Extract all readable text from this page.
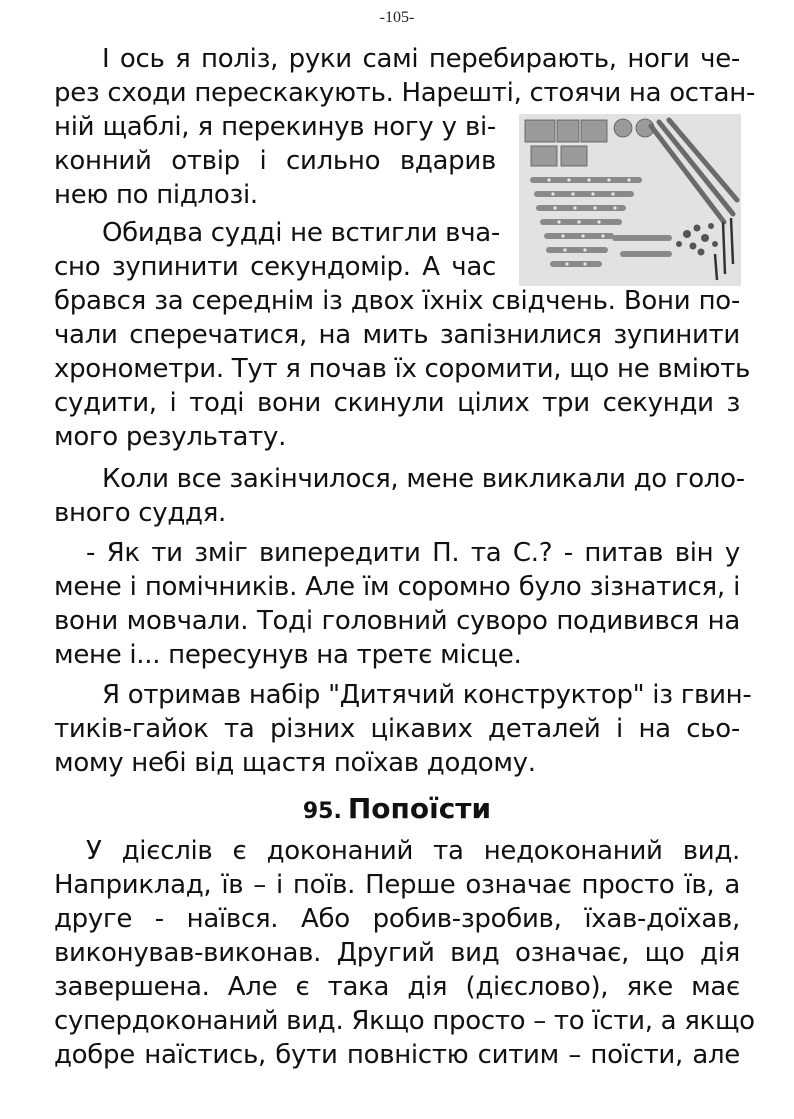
-105-
І ось я поліз, руки самі перебирають, ноги че-
рез сходи перескакують. Нарешті, стоячи на остан-
ній щаблі, я перекинув ногу у ві-
конний отвір і сильно вдарив
нею по підлозі.
Обидва судді не встигли вча-
сно зупинити секундомір. А час
брався за середнім із двох їхніх свідчень. Вони по-
чали сперечатися, на мить запізнилися зупинити
хронометри. Тут я почав їх соромити, що не вміють
судити, і тоді вони скинули цілих три секунди з
мого результату.
Коли все закінчилося, мене викликали до голо-
вного суддя.
- Як ти зміг випередити П. та С.? - питав він у
мене і помічників. Але їм соромно було зізнатися, і
вони мовчали. Тоді головний суворо подивився на
мене і... пересунув на третє місце.
Я отримав набір "Дитячий конструктор" із гвин-
тиків-гайок та різних цікавих деталей і на сьо-
мому небі від щастя поїхав додому.
95. Попоїсти
У дієслів є доконаний та недоконаний вид.
Наприклад, їв – і поїв. Перше означає просто їв, а
друге - наївся. Або робив-зробив, їхав-доїхав,
виконував-виконав. Другий вид означає, що дія
завершена. Але є така дія (дієслово), яке має
супердоконаний вид. Якщо просто – то їсти, а якщо
добре наїстись, бути повністю ситим – поїсти, але
